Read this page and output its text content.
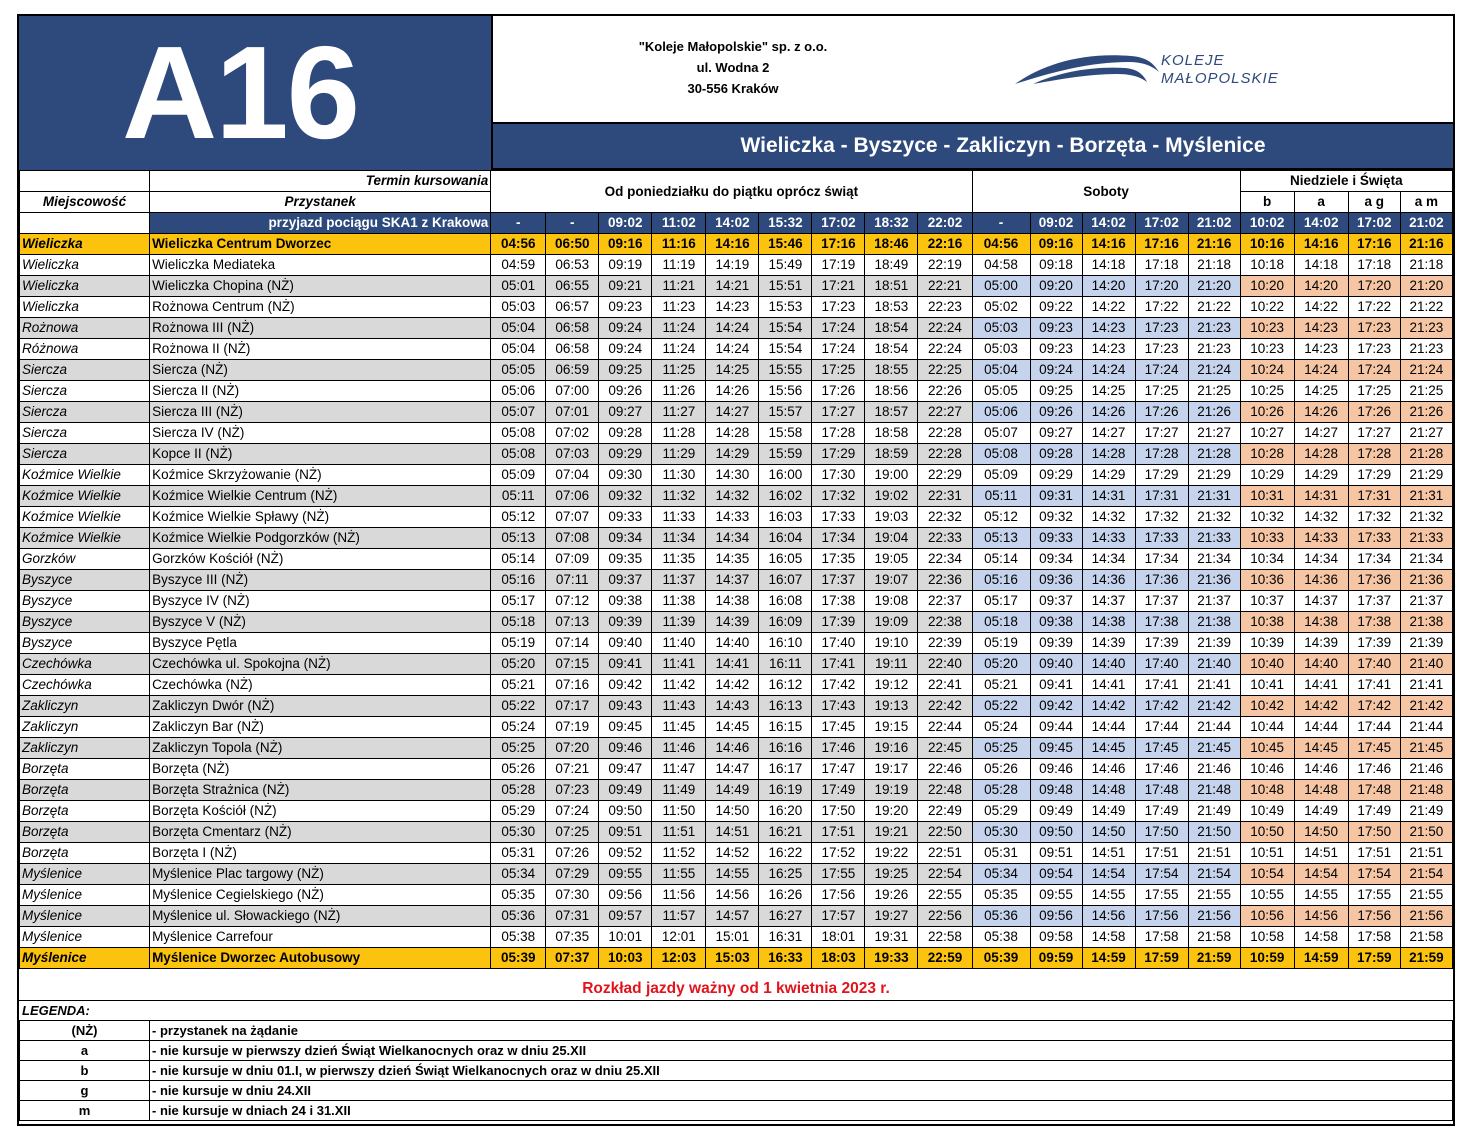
A16	"Koleje Małopolskie" sp. z o.o.
ul. Wodna 2
30-556 Kraków
KOLEJE
MAŁOPOLSKIE
Wieliczka - Byszyce - Zakliczyn - Borzęta - Myślenice
	Termin kursowania	Od poniedziałku do piątku oprócz świąt									Soboty					Niedziele i Święta			
Miejscowość	Przystanek															b	a	a g	a m
	przyjazd pociągu SKA1 z Krakowa	-	-	09:02	11:02	14:02	15:32	17:02	18:32	22:02	-	09:02	14:02	17:02	21:02	10:02	14:02	17:02	21:02
Wieliczka	Wieliczka Centrum Dworzec	04:56	06:50	09:16	11:16	14:16	15:46	17:16	18:46	22:16	04:56	09:16	14:16	17:16	21:16	10:16	14:16	17:16	21:16
Wieliczka	Wieliczka Mediateka	04:59	06:53	09:19	11:19	14:19	15:49	17:19	18:49	22:19	04:58	09:18	14:18	17:18	21:18	10:18	14:18	17:18	21:18
Wieliczka	Wieliczka Chopina (NŻ)	05:01	06:55	09:21	11:21	14:21	15:51	17:21	18:51	22:21	05:00	09:20	14:20	17:20	21:20	10:20	14:20	17:20	21:20
Wieliczka	Rożnowa Centrum (NŻ)	05:03	06:57	09:23	11:23	14:23	15:53	17:23	18:53	22:23	05:02	09:22	14:22	17:22	21:22	10:22	14:22	17:22	21:22
Rożnowa	Rożnowa III (NŻ)	05:04	06:58	09:24	11:24	14:24	15:54	17:24	18:54	22:24	05:03	09:23	14:23	17:23	21:23	10:23	14:23	17:23	21:23
Różnowa	Rożnowa II (NŻ)	05:04	06:58	09:24	11:24	14:24	15:54	17:24	18:54	22:24	05:03	09:23	14:23	17:23	21:23	10:23	14:23	17:23	21:23
Siercza	Siercza (NŻ)	05:05	06:59	09:25	11:25	14:25	15:55	17:25	18:55	22:25	05:04	09:24	14:24	17:24	21:24	10:24	14:24	17:24	21:24
Siercza	Siercza II (NŻ)	05:06	07:00	09:26	11:26	14:26	15:56	17:26	18:56	22:26	05:05	09:25	14:25	17:25	21:25	10:25	14:25	17:25	21:25
Siercza	Siercza III (NŻ)	05:07	07:01	09:27	11:27	14:27	15:57	17:27	18:57	22:27	05:06	09:26	14:26	17:26	21:26	10:26	14:26	17:26	21:26
Siercza	Siercza IV (NŻ)	05:08	07:02	09:28	11:28	14:28	15:58	17:28	18:58	22:28	05:07	09:27	14:27	17:27	21:27	10:27	14:27	17:27	21:27
Siercza	Kopce II (NŻ)	05:08	07:03	09:29	11:29	14:29	15:59	17:29	18:59	22:28	05:08	09:28	14:28	17:28	21:28	10:28	14:28	17:28	21:28
Koźmice Wielkie	Koźmice Skrzyżowanie (NŻ)	05:09	07:04	09:30	11:30	14:30	16:00	17:30	19:00	22:29	05:09	09:29	14:29	17:29	21:29	10:29	14:29	17:29	21:29
Koźmice Wielkie	Koźmice Wielkie Centrum (NŻ)	05:11	07:06	09:32	11:32	14:32	16:02	17:32	19:02	22:31	05:11	09:31	14:31	17:31	21:31	10:31	14:31	17:31	21:31
Koźmice Wielkie	Koźmice Wielkie Spławy (NŻ)	05:12	07:07	09:33	11:33	14:33	16:03	17:33	19:03	22:32	05:12	09:32	14:32	17:32	21:32	10:32	14:32	17:32	21:32
Koźmice Wielkie	Koźmice Wielkie Podgorzków (NŻ)	05:13	07:08	09:34	11:34	14:34	16:04	17:34	19:04	22:33	05:13	09:33	14:33	17:33	21:33	10:33	14:33	17:33	21:33
Gorzków	Gorzków Kościół (NŻ)	05:14	07:09	09:35	11:35	14:35	16:05	17:35	19:05	22:34	05:14	09:34	14:34	17:34	21:34	10:34	14:34	17:34	21:34
Byszyce	Byszyce III (NŻ)	05:16	07:11	09:37	11:37	14:37	16:07	17:37	19:07	22:36	05:16	09:36	14:36	17:36	21:36	10:36	14:36	17:36	21:36
Byszyce	Byszyce IV (NŻ)	05:17	07:12	09:38	11:38	14:38	16:08	17:38	19:08	22:37	05:17	09:37	14:37	17:37	21:37	10:37	14:37	17:37	21:37
Byszyce	Byszyce V (NŻ)	05:18	07:13	09:39	11:39	14:39	16:09	17:39	19:09	22:38	05:18	09:38	14:38	17:38	21:38	10:38	14:38	17:38	21:38
Byszyce	Byszyce Pętla	05:19	07:14	09:40	11:40	14:40	16:10	17:40	19:10	22:39	05:19	09:39	14:39	17:39	21:39	10:39	14:39	17:39	21:39
Czechówka	Czechówka ul. Spokojna (NŻ)	05:20	07:15	09:41	11:41	14:41	16:11	17:41	19:11	22:40	05:20	09:40	14:40	17:40	21:40	10:40	14:40	17:40	21:40
Czechówka	Czechówka (NŻ)	05:21	07:16	09:42	11:42	14:42	16:12	17:42	19:12	22:41	05:21	09:41	14:41	17:41	21:41	10:41	14:41	17:41	21:41
Zakliczyn	Zakliczyn Dwór (NŻ)	05:22	07:17	09:43	11:43	14:43	16:13	17:43	19:13	22:42	05:22	09:42	14:42	17:42	21:42	10:42	14:42	17:42	21:42
Zakliczyn	Zakliczyn Bar (NŻ)	05:24	07:19	09:45	11:45	14:45	16:15	17:45	19:15	22:44	05:24	09:44	14:44	17:44	21:44	10:44	14:44	17:44	21:44
Zakliczyn	Zakliczyn Topola (NŻ)	05:25	07:20	09:46	11:46	14:46	16:16	17:46	19:16	22:45	05:25	09:45	14:45	17:45	21:45	10:45	14:45	17:45	21:45
Borzęta	Borzęta (NŻ)	05:26	07:21	09:47	11:47	14:47	16:17	17:47	19:17	22:46	05:26	09:46	14:46	17:46	21:46	10:46	14:46	17:46	21:46
Borzęta	Borzęta Strażnica (NŻ)	05:28	07:23	09:49	11:49	14:49	16:19	17:49	19:19	22:48	05:28	09:48	14:48	17:48	21:48	10:48	14:48	17:48	21:48
Borzęta	Borzęta Kościół (NŻ)	05:29	07:24	09:50	11:50	14:50	16:20	17:50	19:20	22:49	05:29	09:49	14:49	17:49	21:49	10:49	14:49	17:49	21:49
Borzęta	Borzęta Cmentarz (NŻ)	05:30	07:25	09:51	11:51	14:51	16:21	17:51	19:21	22:50	05:30	09:50	14:50	17:50	21:50	10:50	14:50	17:50	21:50
Borzęta	Borzęta I (NŻ)	05:31	07:26	09:52	11:52	14:52	16:22	17:52	19:22	22:51	05:31	09:51	14:51	17:51	21:51	10:51	14:51	17:51	21:51
Myślenice	Myślenice Plac targowy (NŻ)	05:34	07:29	09:55	11:55	14:55	16:25	17:55	19:25	22:54	05:34	09:54	14:54	17:54	21:54	10:54	14:54	17:54	21:54
Myślenice	Myślenice Cegielskiego (NŻ)	05:35	07:30	09:56	11:56	14:56	16:26	17:56	19:26	22:55	05:35	09:55	14:55	17:55	21:55	10:55	14:55	17:55	21:55
Myślenice	Myślenice ul. Słowackiego (NŻ)	05:36	07:31	09:57	11:57	14:57	16:27	17:57	19:27	22:56	05:36	09:56	14:56	17:56	21:56	10:56	14:56	17:56	21:56
Myślenice	Myślenice Carrefour	05:38	07:35	10:01	12:01	15:01	16:31	18:01	19:31	22:58	05:38	09:58	14:58	17:58	21:58	10:58	14:58	17:58	21:58
Myślenice	Myślenice Dworzec Autobusowy	05:39	07:37	10:03	12:03	15:03	16:33	18:03	19:33	22:59	05:39	09:59	14:59	17:59	21:59	10:59	14:59	17:59	21:59
Rozkład jazdy ważny od 1 kwietnia 2023 r.
LEGENDA:
(NŻ)	- przystanek na żądanie
a	- nie kursuje w pierwszy dzień Świąt Wielkanocnych oraz w dniu 25.XII
b	- nie kursuje w dniu 01.I, w pierwszy dzień Świąt Wielkanocnych oraz w dniu 25.XII
g	- nie kursuje w dniu 24.XII
m	- nie kursuje w dniach 24 i 31.XII
